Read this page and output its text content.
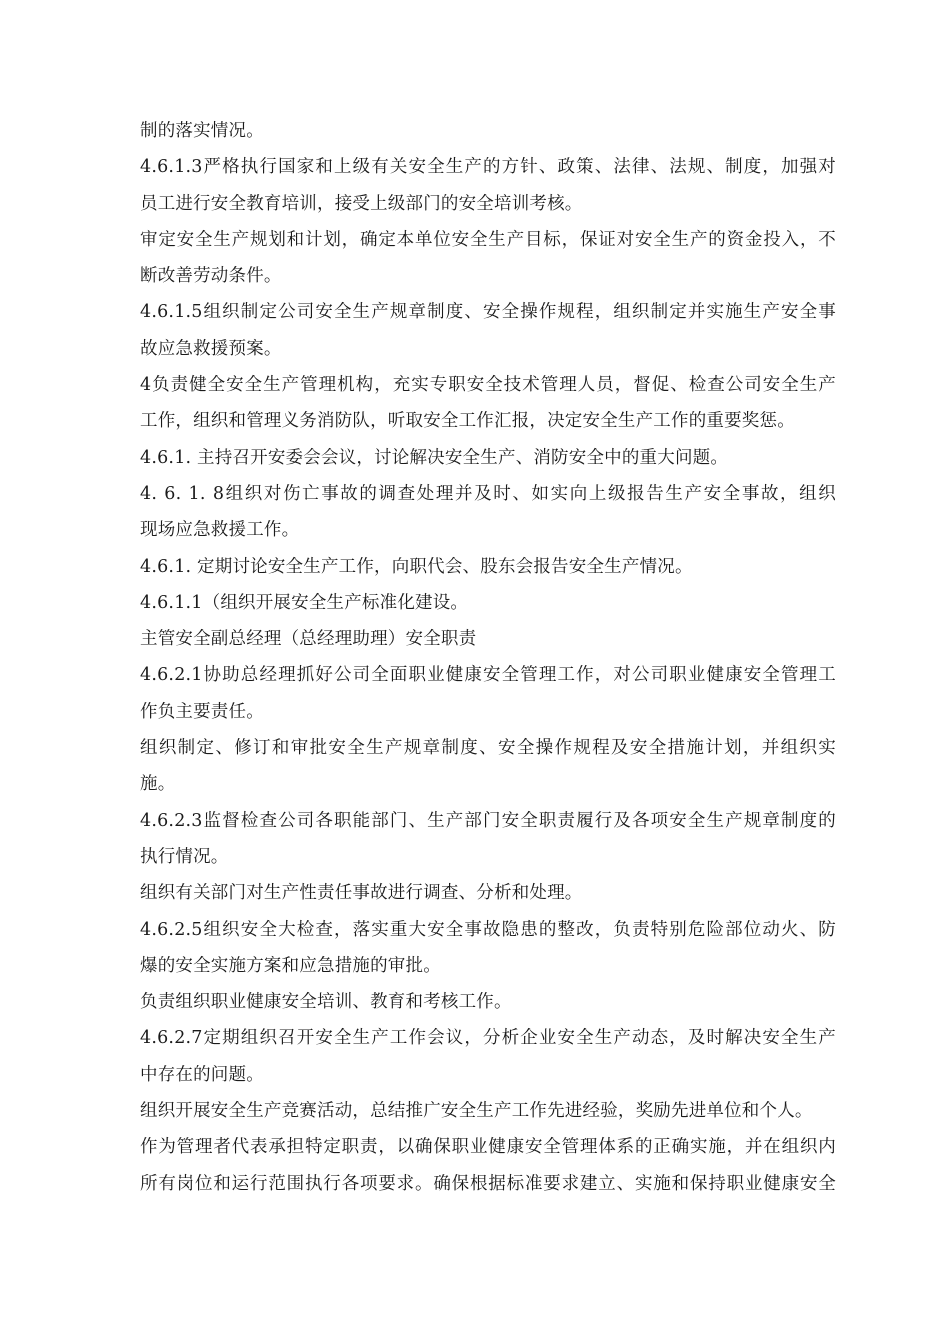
制的落实情况。
4.6.1.3严格执行国家和上级有关安全生产的方针、政策、法律、法规、制度，加强对
员工进行安全教育培训，接受上级部门的安全培训考核。
审定安全生产规划和计划，确定本单位安全生产目标，保证对安全生产的资金投入，不
断改善劳动条件。
4.6.1.5组织制定公司安全生产规章制度、安全操作规程，组织制定并实施生产安全事
故应急救援预案。
4负责健全安全生产管理机构，充实专职安全技术管理人员，督促、检查公司安全生产
工作，组织和管理义务消防队，听取安全工作汇报，决定安全生产工作的重要奖惩。
4.6.1. 主持召开安委会会议，讨论解决安全生产、消防安全中的重大问题。
4. 6. 1. 8组织对伤亡事故的调查处理并及时、如实向上级报告生产安全事故，组织
现场应急救援工作。
4.6.1. 定期讨论安全生产工作，向职代会、股东会报告安全生产情况。
4.6.1.1（组织开展安全生产标准化建设。
主管安全副总经理（总经理助理）安全职责
4.6.2.1协助总经理抓好公司全面职业健康安全管理工作，对公司职业健康安全管理工
作负主要责任。
组织制定、修订和审批安全生产规章制度、安全操作规程及安全措施计划，并组织实
施。
4.6.2.3监督检查公司各职能部门、生产部门安全职责履行及各项安全生产规章制度的
执行情况。
组织有关部门对生产性责任事故进行调查、分析和处理。
4.6.2.5组织安全大检查，落实重大安全事故隐患的整改，负责特别危险部位动火、防
爆的安全实施方案和应急措施的审批。
负责组织职业健康安全培训、教育和考核工作。
4.6.2.7定期组织召开安全生产工作会议，分析企业安全生产动态，及时解决安全生产
中存在的问题。
组织开展安全生产竞赛活动，总结推广安全生产工作先进经验，奖励先进单位和个人。
作为管理者代表承担特定职责，以确保职业健康安全管理体系的正确实施，并在组织内
所有岗位和运行范围执行各项要求。确保根据标准要求建立、实施和保持职业健康安全
